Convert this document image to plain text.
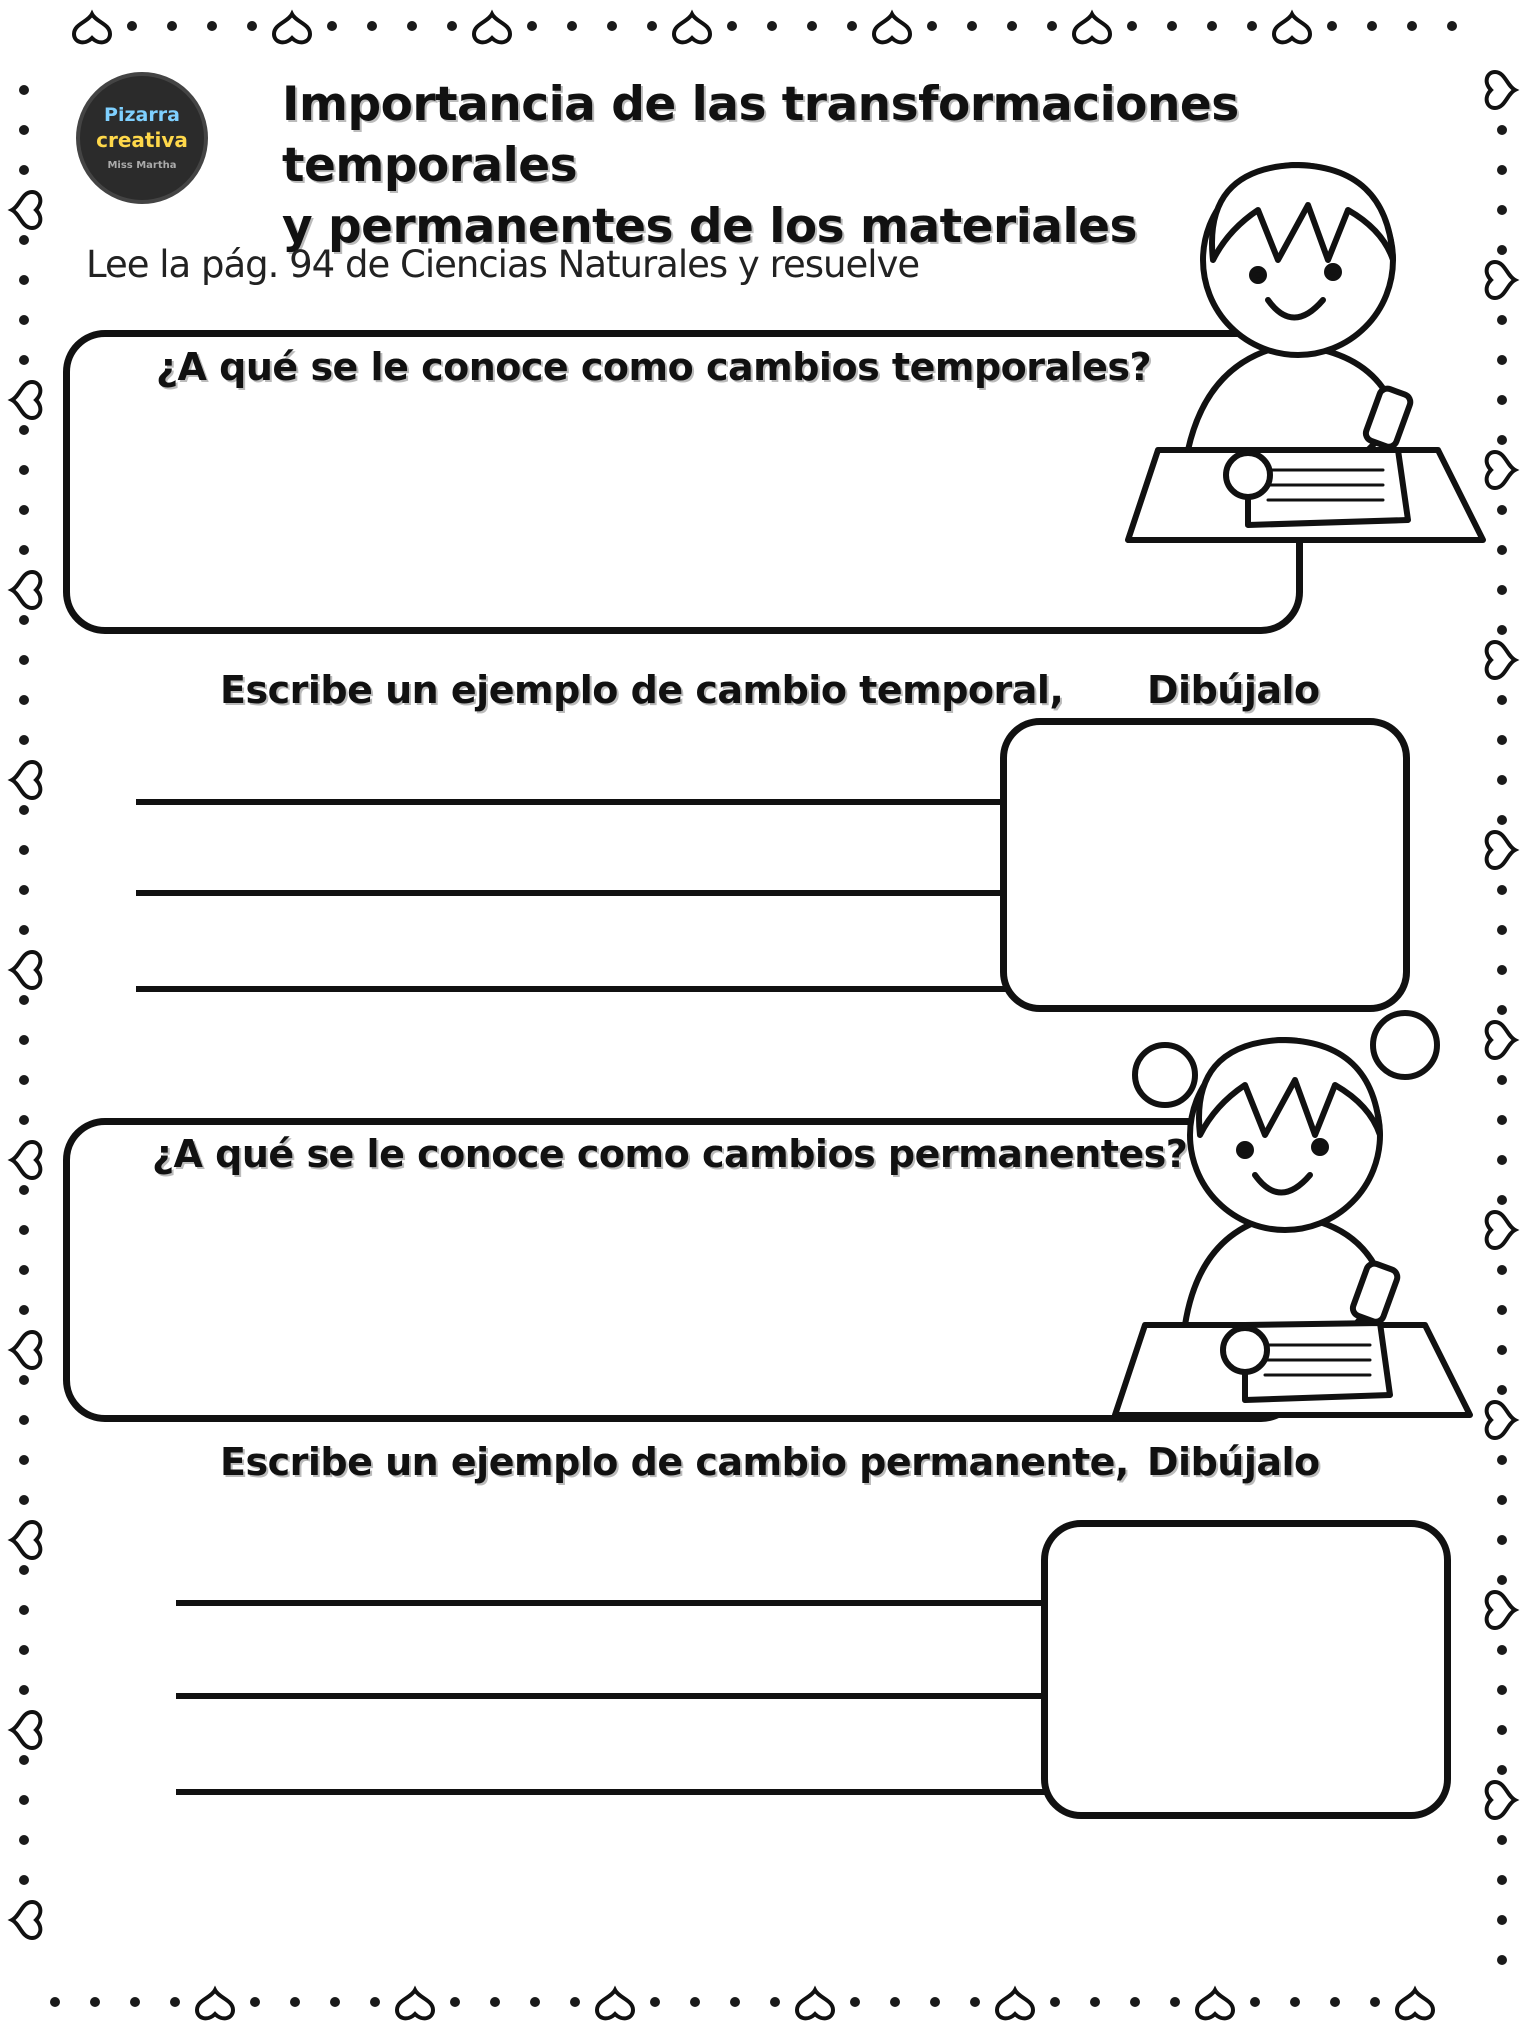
Pizarra
creativa
Miss Martha
Importancia de las transformaciones temporales
y permanentes de los materiales
Lee la pág. 94 de Ciencias Naturales y resuelve
¿A qué se le conoce como cambios temporales?
Escribe un ejemplo de cambio temporal, Dibújalo
¿A qué se le conoce como cambios permanentes?
Escribe un ejemplo de cambio permanente, Dibújalo
